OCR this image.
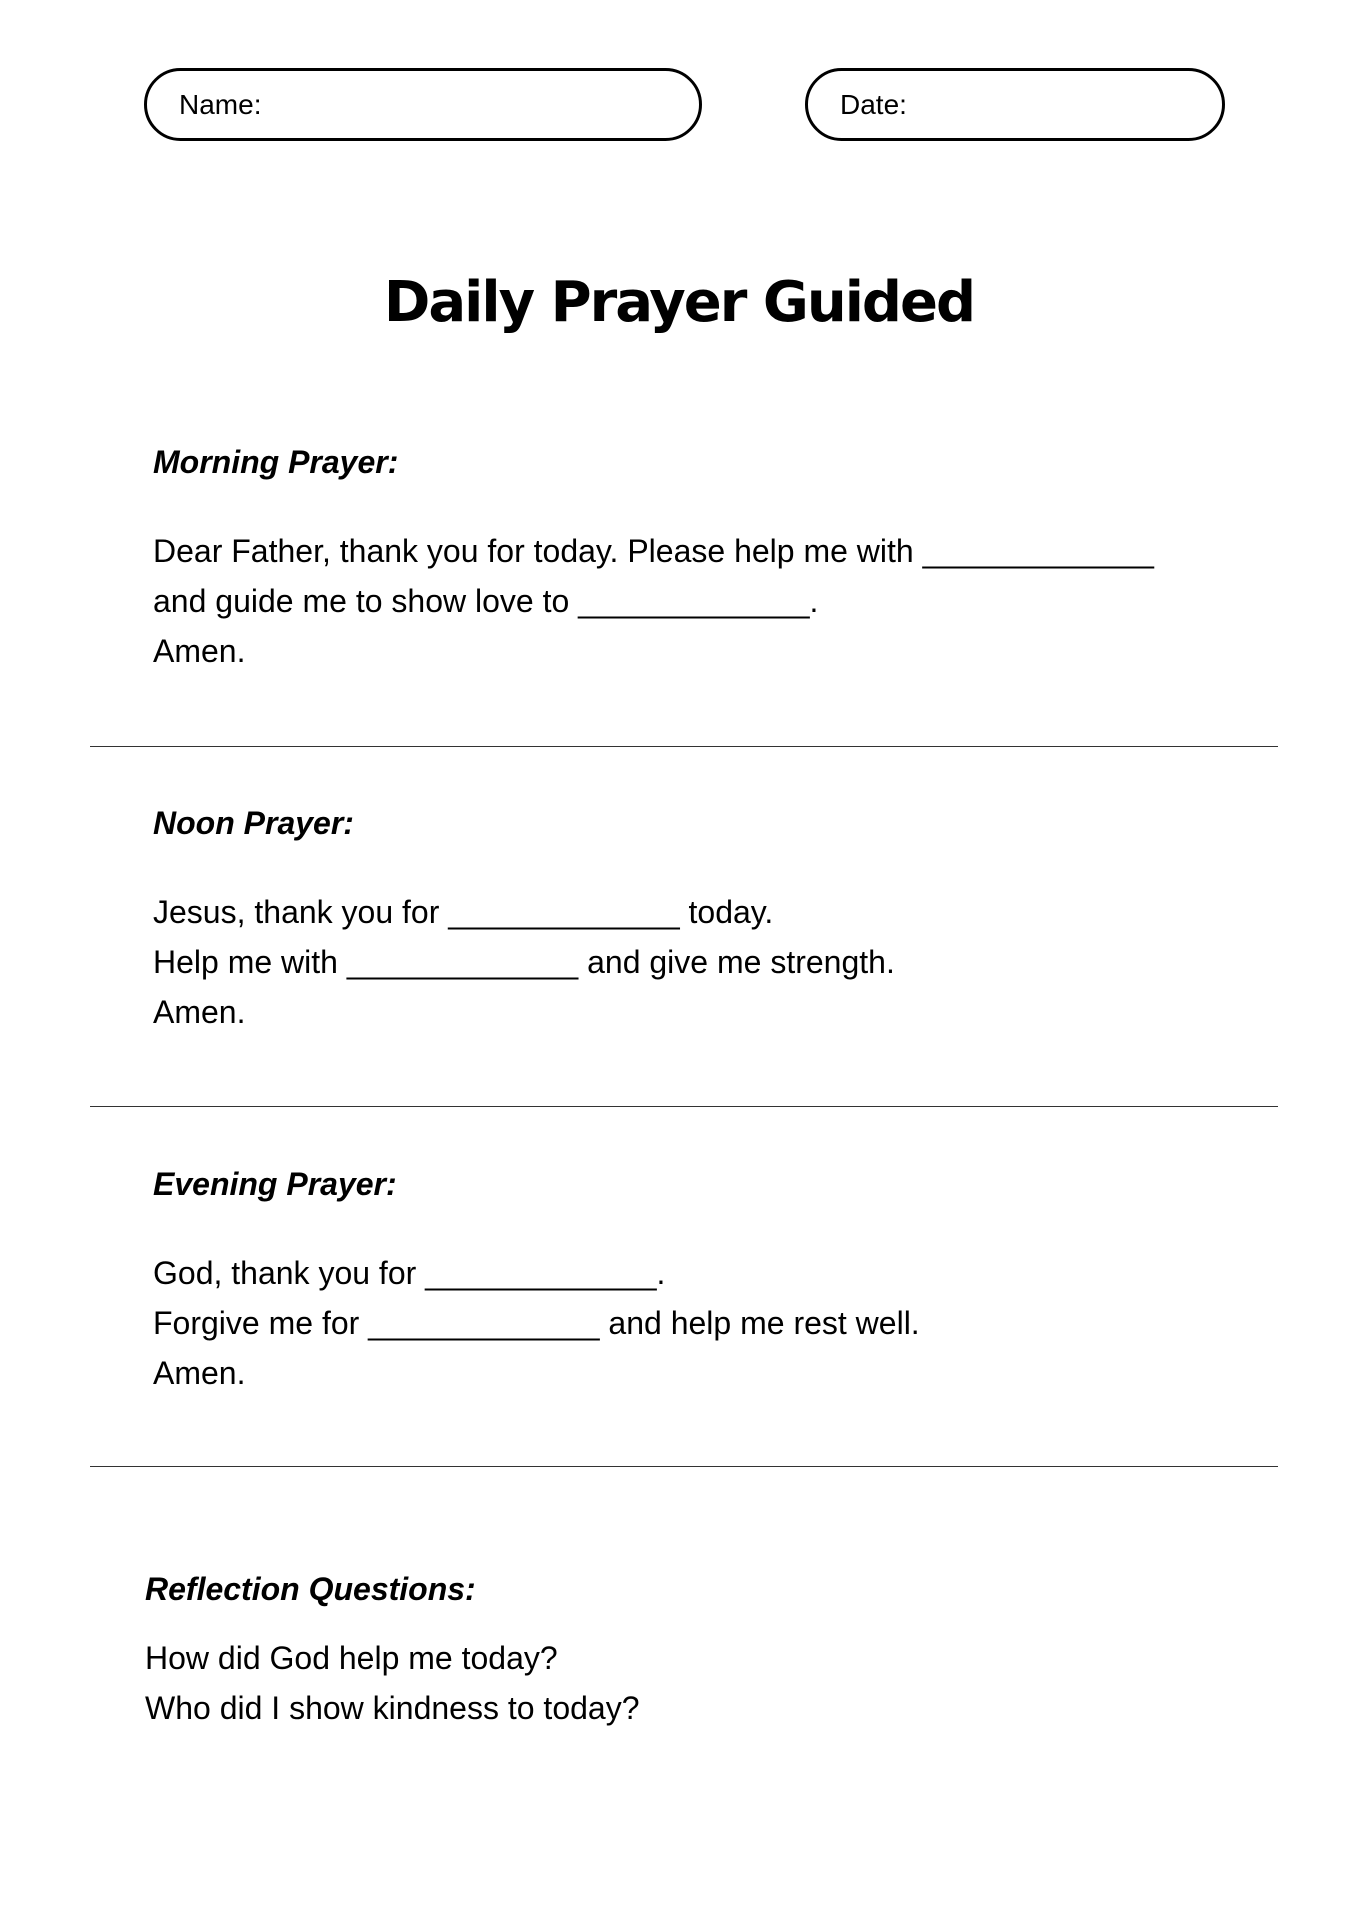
Name:	Date:
Daily Prayer Guided
Morning Prayer:
Dear Father, thank you for today. Please help me with _____________
and guide me to show love to _____________.
Amen.
Noon Prayer:
Jesus, thank you for _____________ today.
Help me with _____________ and give me strength.
Amen.
Evening Prayer:
God, thank you for _____________.
Forgive me for _____________ and help me rest well.
Amen.
Reflection Questions:
How did God help me today?
Who did I show kindness to today?
